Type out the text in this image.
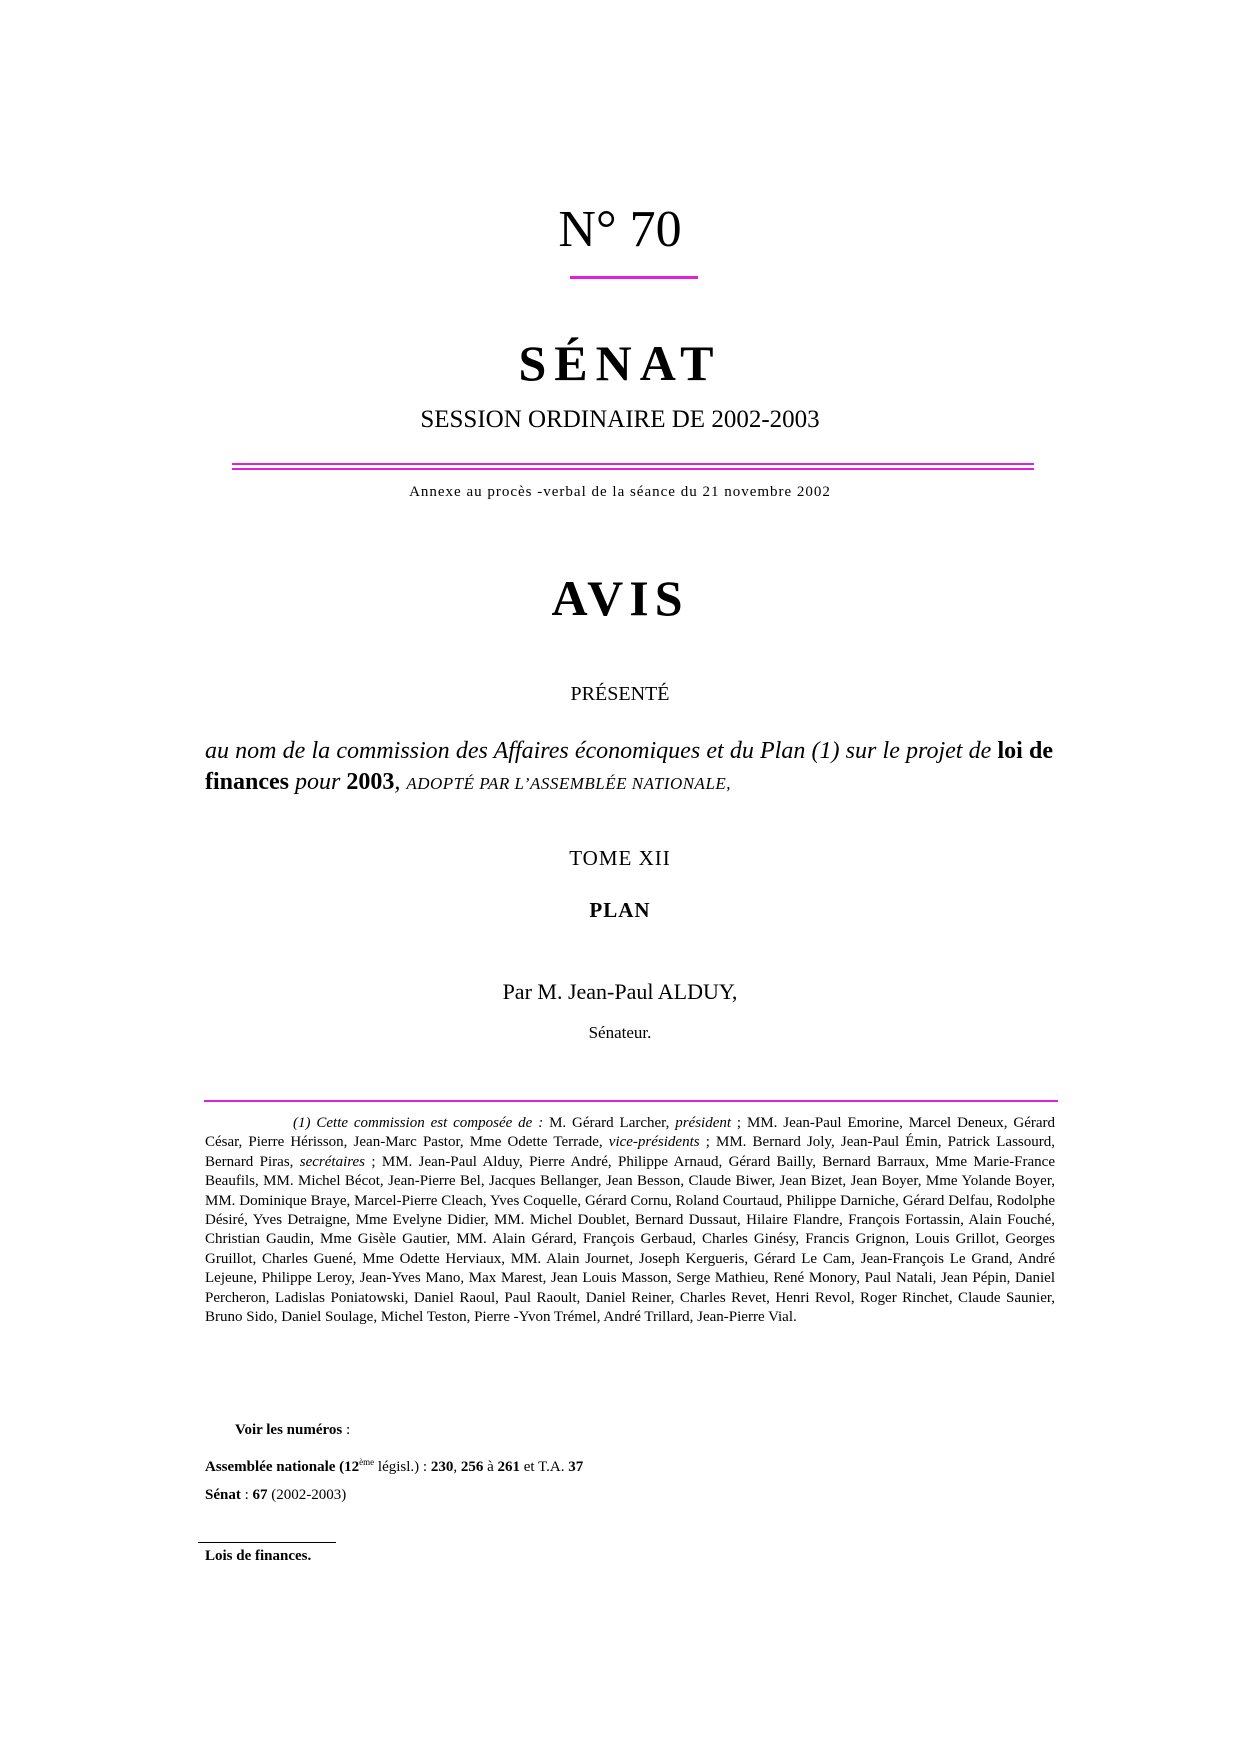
N° 70
SÉNAT
SESSION ORDINAIRE DE 2002-2003
Annexe au procès -verbal de la séance du 21 novembre 2002
AVIS
PRÉSENTÉ
au nom de la commission des Affaires économiques et du Plan (1) sur le projet de loi de finances pour 2003, ADOPTÉ PAR L’ASSEMBLÉE NATIONALE,
TOME XII
PLAN
Par M. Jean-Paul ALDUY,
Sénateur.
(1) Cette commission est composée de : M. Gérard Larcher, président ; MM. Jean-Paul Emorine, Marcel Deneux, Gérard César, Pierre Hérisson, Jean-Marc Pastor, Mme Odette Terrade, vice-présidents ; MM. Bernard Joly, Jean-Paul Émin, Patrick Lassourd, Bernard Piras, secrétaires ; MM. Jean-Paul Alduy, Pierre André, Philippe Arnaud, Gérard Bailly, Bernard Barraux, Mme Marie-France Beaufils, MM. Michel Bécot, Jean-Pierre Bel, Jacques Bellanger, Jean Besson, Claude Biwer, Jean Bizet, Jean Boyer, Mme Yolande Boyer, MM. Dominique Braye, Marcel-Pierre Cleach, Yves Coquelle, Gérard Cornu, Roland Courtaud, Philippe Darniche, Gérard Delfau, Rodolphe Désiré, Yves Detraigne, Mme Evelyne Didier, MM. Michel Doublet, Bernard Dussaut, Hilaire Flandre, François Fortassin, Alain Fouché, Christian Gaudin, Mme Gisèle Gautier, MM. Alain Gérard, François Gerbaud, Charles Ginésy, Francis Grignon, Louis Grillot, Georges Gruillot, Charles Guené, Mme Odette Herviaux, MM. Alain Journet, Joseph Kergueris, Gérard Le Cam, Jean-François Le Grand, André Lejeune, Philippe Leroy, Jean-Yves Mano, Max Marest, Jean Louis Masson, Serge Mathieu, René Monory, Paul Natali, Jean Pépin, Daniel Percheron, Ladislas Poniatowski, Daniel Raoul, Paul Raoult, Daniel Reiner, Charles Revet, Henri Revol, Roger Rinchet, Claude Saunier, Bruno Sido, Daniel Soulage, Michel Teston, Pierre -Yvon Trémel, André Trillard, Jean-Pierre Vial.
Voir les numéros :
Assemblée nationale (12ème législ.) : 230, 256 à 261 et T.A. 37
Sénat : 67 (2002-2003)
Lois de finances.
